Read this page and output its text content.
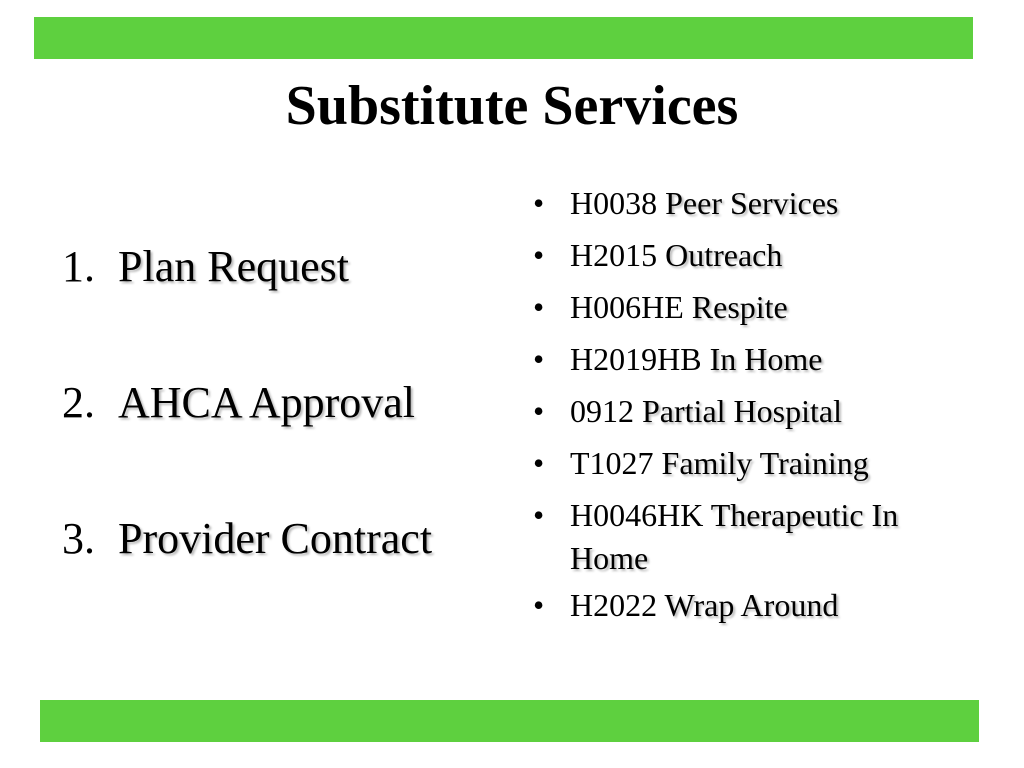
Substitute Services
1. Plan Request
2. AHCA Approval
3. Provider Contract
• H0038 Peer Services
• H2015 Outreach
• H006HE Respite
• H2019HB In Home
• 0912 Partial Hospital
• T1027 Family Training
• H0046HK Therapeutic In Home
• H2022 Wrap Around
